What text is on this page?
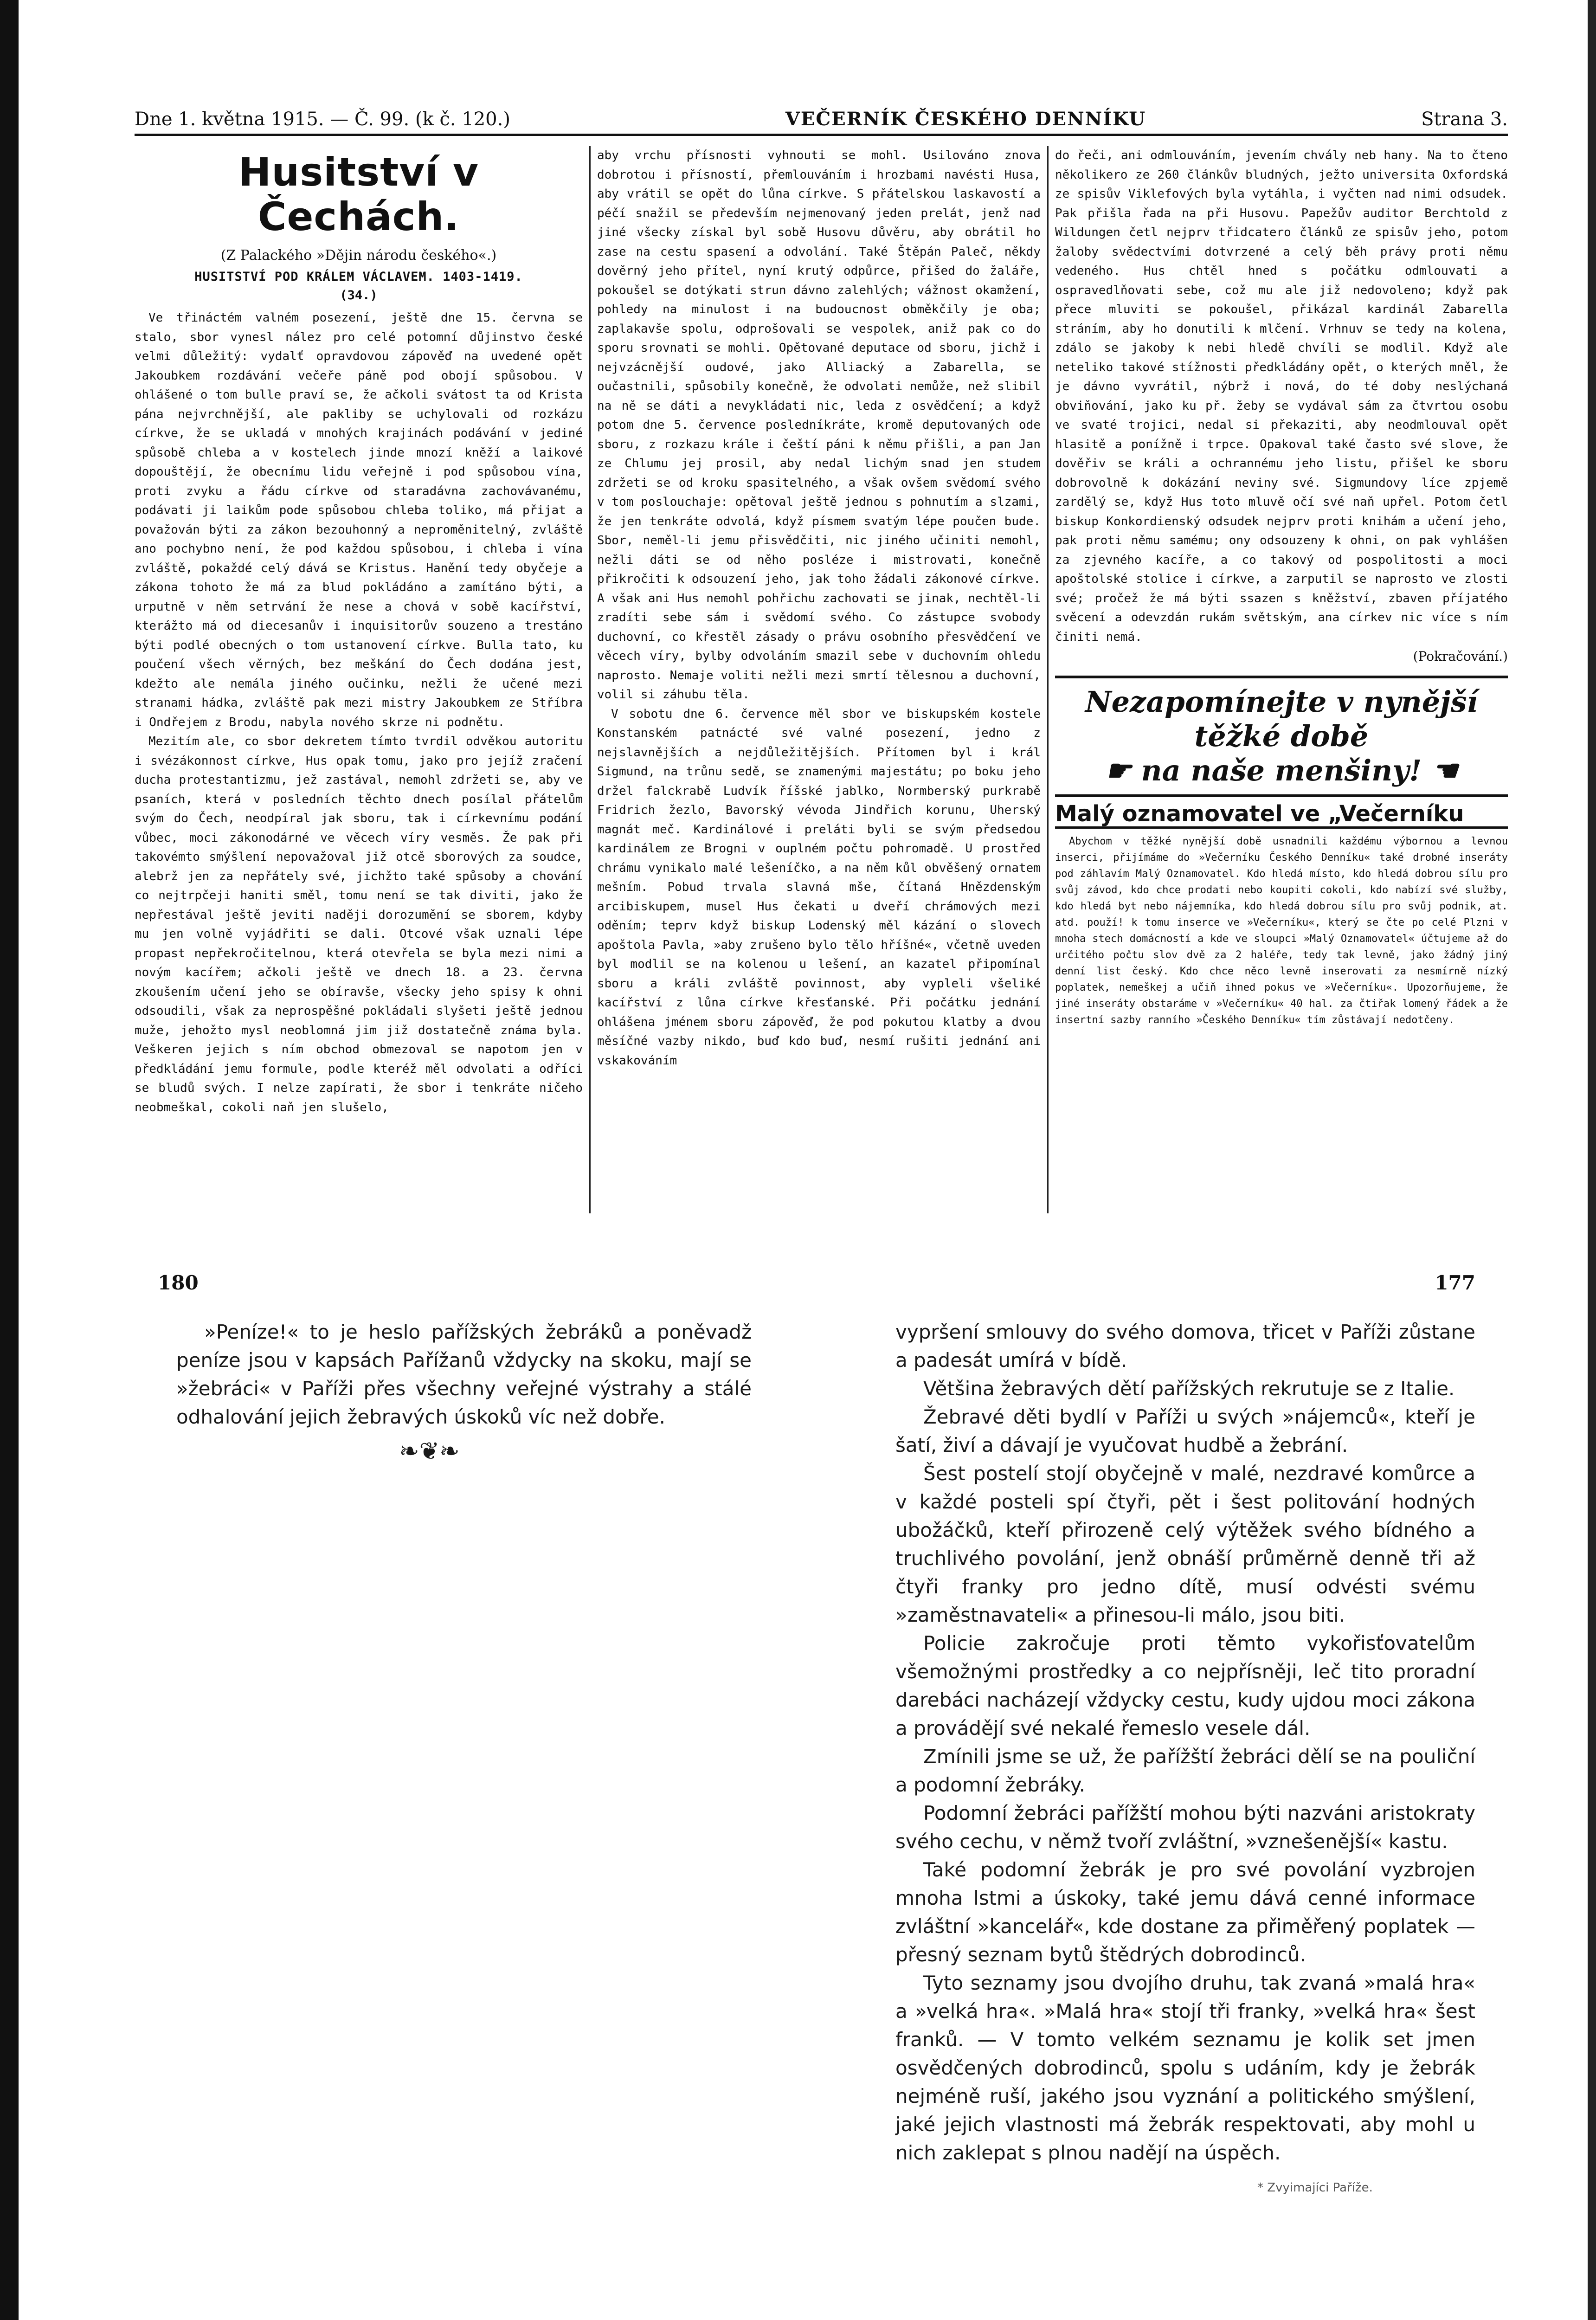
Dne 1. května 1915. — Č. 99. (k č. 120.)	VEČERNÍK ČESKÉHO DENNÍKU	Strana 3.
Husitství v Čechách.
(Z Palackého »Dějin národu českého«.)
HUSITSTVÍ POD KRÁLEM VÁCLAVEM. 1403-1419.
(34.)

Ve třináctém valném posezení, ještě dne 15. června se stalo, sbor vynesl nález pro celé potomní důjinstvo české velmi důležitý: vydalť opravdovou zápověď na uvedené opět Jakoubkem rozdávání večeře páně pod obojí spůsobou. V ohlášené o tom bulle praví se, že ačkoli svátost ta od Krista pána nejvrchnější, ale pakliby se uchylovali od rozkázu církve, že se ukladá v mnohých krajinách podávání v jediné spůsobě chleba a v kostelech jinde mnozí kněží a laikové dopouštějí, že obecnímu lidu veřejně i pod spůsobou vína, proti zvyku a řádu církve od staradávna zachovávanému, podávati ji laikům pode spůsobou chleba toliko, má přijat a považován býti za zákon bezouhonný a neproměnitelný, zvláště ano pochybno není, že pod každou spůsobou, i chleba i vína zvláště, pokaždé celý dává se Kristus. Hanění tedy obyčeje a zákona tohoto že má za blud pokládáno a zamítáno býti, a urputně v něm setrvání že nese a chová v sobě kacířství, kterážto má od diecesanův i inquisitorův souzeno a trestáno býti podlé obecných o tom ustanovení církve. Bulla tato, ku poučení všech věrných, bez meškání do Čech dodána jest, kdežto ale nemála jiného oučinku, nežli že učené mezi stranami hádka, zvláště pak mezi mistry Jakoubkem ze Stříbra i Ondřejem z Brodu, nabyla nového skrze ni podnětu.

Mezitím ale, co sbor dekretem tímto tvrdil odvěkou autoritu i svézákonnost církve, Hus opak tomu, jako pro jejíž zračení ducha protestantizmu, jež zastával, nemohl zdržeti se, aby ve psaních, která v posledních těchto dnech posílal přátelům svým do Čech, neodpíral jak sboru, tak i církevnímu podání vůbec, moci zákonodárné ve věcech víry vesměs. Že pak při takovémto smýšlení nepovažoval již otcě sborových za soudce, alebrž jen za nepřátely své, jichžto také spůsoby a chování co nejtrpčeji haniti směl, tomu není se tak diviti, jako že nepřestával ještě jeviti naději dorozumění se sborem, kdyby mu jen volně vyjádřiti se dali. Otcové však uznali lépe propast nepřekročitelnou, která otevřela se byla mezi nimi a novým kacířem; ačkoli ještě ve dnech 18. a 23. června zkoušením učení jeho se obíravše, všecky jeho spisy k ohni odsoudili, však za neprospěšné pokládali slyšeti ještě jednou muže, jehožto mysl neoblomná jim již dostatečně známa byla. Veškeren jejich s ním obchod obmezoval se napotom jen v předkládání jemu formule, podle kteréž měl odvolati a odříci se bludů svých. I nelze zapírati, že sbor i tenkráte ničeho neobmeškal, cokoli naň jen slušelo,

aby vrchu přísnosti vyhnouti se mohl. Usilováno znova dobrotou i přísností, přemlouváním i hrozbami navésti Husa, aby vrátil se opět do lůna církve. S přátelskou laskavostí a péčí snažil se především nejmenovaný jeden prelát, jenž nad jiné všecky získal byl sobě Husovu důvěru, aby obrátil ho zase na cestu spasení a odvolání. Také Štěpán Paleč, někdy dověrný jeho přítel, nyní krutý odpůrce, přišed do žaláře, pokoušel se dotýkati strun dávno zalehlých; vážnost okamžení, pohledy na minulost i na budoucnost obměkčily je oba; zaplakavše spolu, odprošovali se vespolek, aniž pak co do sporu srovnati se mohli. Opětované deputace od sboru, jichž i nejvzácnější oudové, jako Alliacký a Zabarella, se oučastnili, spůsobily konečně, že odvolati nemůže, než slibil na ně se dáti a nevykládati nic, leda z osvědčení; a když potom dne 5. července posledníkráte, kromě deputovaných ode sboru, z rozkazu krále i čeští páni k němu přišli, a pan Jan ze Chlumu jej prosil, aby nedal lichým snad jen studem zdržeti se od kroku spasitelného, a však ovšem svědomí svého v tom poslouchaje: opětoval ještě jednou s pohnutím a slzami, že jen tenkráte odvolá, když písmem svatým lépe poučen bude. Sbor, neměl-li jemu přisvědčiti, nic jiného učiniti nemohl, nežli dáti se od něho posléze i mistrovati, konečně přikročiti k odsouzení jeho, jak toho žádali zákonové církve. A však ani Hus nemohl pohřichu zachovati se jinak, nechtěl-li zradíti sebe sám i svědomí svého. Co zástupce svobody duchovní, co křestěl zásady o právu osobního přesvědčení ve věcech víry, bylby odvoláním smazil sebe v duchovním ohledu naprosto. Nemaje voliti nežli mezi smrtí tělesnou a duchovní, volil si záhubu těla.

V sobotu dne 6. července měl sbor ve biskupském kostele Konstanském patnácté své valné posezení, jedno z nejslavnějších a nejdůležitějších. Přítomen byl i král Sigmund, na trůnu sedě, se znamenými majestátu; po boku jeho držel falckrabě Ludvík říšské jablko, Normberský purkrabě Fridrich žezlo, Bavorský vévoda Jindřich korunu, Uherský magnát meč. Kardinálové i preláti byli se svým předsedou kardinálem ze Brogni v ouplném počtu pohromadě. U prostřed chrámu vynikalo malé lešeníčko, a na něm kůl obvěšený ornatem mešním. Pobud trvala slavná mše, čítaná Hnězdenským arcibiskupem, musel Hus čekati u dveří chrámových mezi oděním; teprv když biskup Lodenský měl kázání o slovech apoštola Pavla, »aby zrušeno bylo tělo hříšné«, včetně uveden byl modlil se na kolenou u lešení, an kazatel připomínal sboru a králi zvláště povinnost, aby vypleli všeliké kacířství z lůna církve křesťanské. Při počátku jednání ohlášena jménem sboru zápověď, že pod pokutou klatby a dvou měsíčné vazby nikdo, buď kdo buď, nesmí rušiti jednání ani vskakováním

do řeči, ani odmlouváním, jevením chvály neb hany. Na to čteno několikero ze 260 článkův bludných, ježto universita Oxfordská ze spisův Viklefových byla vytáhla, i vyčten nad nimi odsudek. Pak přišla řada na při Husovu. Papežův auditor Berchtold z Wildungen četl nejprv třidcatero článků ze spisův jeho, potom žaloby svědectvími dotvrzené a celý běh právy proti němu vedeného. Hus chtěl hned s počátku odmlouvati a ospravedlňovati sebe, což mu ale již nedovoleno; když pak přece mluviti se pokoušel, přikázal kardinál Zabarella stráním, aby ho donutili k mlčení. Vrhnuv se tedy na kolena, zdálo se jakoby k nebi hledě chvíli se modlil. Když ale neteliko takové stížnosti předkládány opět, o kterých mněl, že je dávno vyvrátil, nýbrž i nová, do té doby neslýchaná obviňování, jako ku př. žeby se vydával sám za čtvrtou osobu ve svaté trojici, nedal si překaziti, aby neodmlouval opět hlasitě a ponížně i trpce. Opakoval také často své slove, že dověřiv se králi a ochrannému jeho listu, přišel ke sboru dobrovolně k dokázání neviny své. Sigmundovy líce zpjemě zardělý se, když Hus toto mluvě očí své naň upřel. Potom četl biskup Konkordienský odsudek nejprv proti knihám a učení jeho, pak proti němu samému; ony odsouzeny k ohni, on pak vyhlášen za zjevného kacíře, a co takový od pospolitosti a moci apoštolské stolice i církve, a zarputil se naprosto ve zlosti své; pročež že má býti ssazen s kněžství, zbaven příjatého svěcení a odevzdán rukám světským, ana církev nic více s ním činiti nemá.

(Pokračování.)
Nezapomínejte v nynější
těžké době
☛ na naše menšiny! ☚
Malý oznamovatel ve „Večerníku

Abychom v těžké nynější době usnadnili každému výbornou a levnou inserci, přijímáme do »Večerníku Českého Denníku« také drobné inseráty pod záhlavím Malý Oznamovatel. Kdo hledá místo, kdo hledá dobrou sílu pro svůj závod, kdo chce prodati nebo koupiti cokoli, kdo nabízí své služby, kdo hledá byt nebo nájemníka, kdo hledá dobrou sílu pro svůj podnik, at. atd. použí! k tomu inserce ve »Večerníku«, který se čte po celé Plzni v mnoha stech domácností a kde ve sloupci »Malý Oznamovatel« účtujeme až do určitého počtu slov dvě za 2 haléře, tedy tak levně, jako žádný jiný denní list český. Kdo chce něco levně inserovati za nesmírně nízký poplatek, nemeškej a učiň ihned pokus ve »Večerníku«. Upozorňujeme, že jiné inseráty obstaráme v »Večerníku« 40 hal. za čtiřak lomený řádek a že insertní sazby ranního »Českého Denníku« tím zůstávají nedotčeny.

180	177

»Peníze!« to je heslo pařížských žebráků a poněvadž peníze jsou v kapsách Pařížanů vždycky na skoku, mají se »žebráci« v Paříži přes všechny veřejné výstrahy a stálé odhalování jejich žebravých úskoků víc než dobře.

❧❦❧

vypršení smlouvy do svého domova, třicet v Paříži zůstane a padesát umírá v bídě.

Většina žebravých dětí pařížských rekrutuje se z Italie.

Žebravé děti bydlí v Paříži u svých »nájemců«, kteří je šatí, živí a dávají je vyučovat hudbě a žebrání.

Šest postelí stojí obyčejně v malé, nezdravé komůrce a v každé posteli spí čtyři, pět i šest politování hodných ubožáčků, kteří přirozeně celý výtěžek svého bídného a truchlivého povolání, jenž obnáší průměrně denně tři až čtyři franky pro jedno dítě, musí odvésti svému »zaměstnavateli« a přinesou-li málo, jsou biti.

Policie zakročuje proti těmto vykořisťovatelům všemožnými prostředky a co nejpřísněji, leč tito proradní darebáci nacházejí vždycky cestu, kudy ujdou moci zákona a provádějí své nekalé řemeslo vesele dál.

Zmínili jsme se už, že pařížští žebráci dělí se na pouliční a podomní žebráky.

Podomní žebráci pařížští mohou býti nazváni aristokraty svého cechu, v němž tvoří zvláštní, »vznešenější« kastu.

Také podomní žebrák je pro své povolání vyzbrojen mnoha lstmi a úskoky, také jemu dává cenné informace zvláštní »kancelář«, kde dostane za přiměřený poplatek — přesný seznam bytů štědrých dobrodinců.

Tyto seznamy jsou dvojího druhu, tak zvaná »malá hra« a »velká hra«. »Malá hra« stojí tři franky, »velká hra« šest franků. — V tomto velkém seznamu je kolik set jmen osvědčených dobrodinců, spolu s udáním, kdy je žebrák nejméně ruší, jakého jsou vyznání a politického smýšlení, jaké jejich vlastnosti má žebrák respektovati, aby mohl u nich zaklepat s plnou nadějí na úspěch.

* Zvyimajíci Paříže.
